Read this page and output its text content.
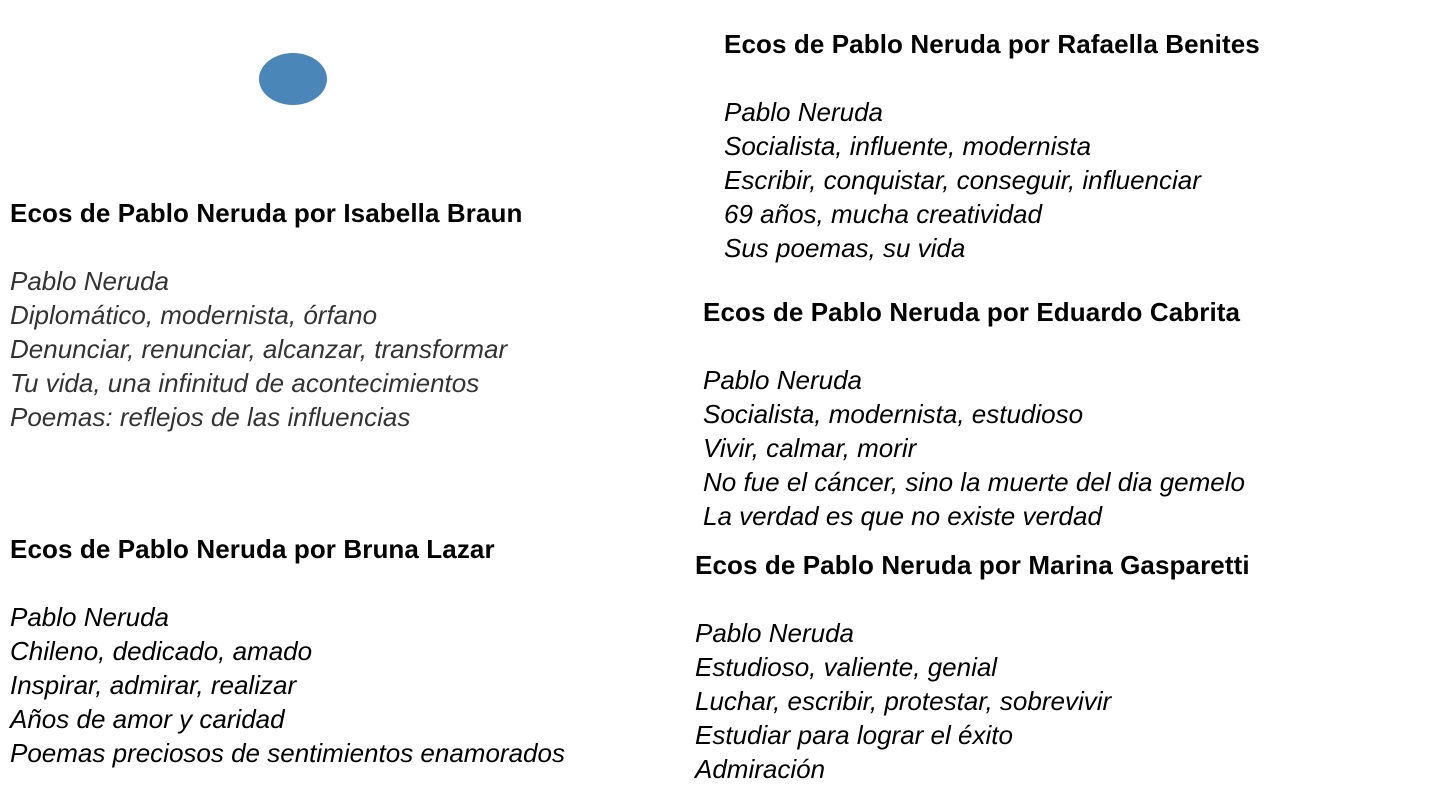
Ecos de Pablo Neruda por Isabella Braun
Pablo Neruda
Diplomático, modernista, órfano
Denunciar, renunciar, alcanzar, transformar
Tu vida, una infinitud de acontecimientos
Poemas: reflejos de las influencias
Ecos de Pablo Neruda por Bruna Lazar
Pablo Neruda
Chileno, dedicado, amado
Inspirar, admirar, realizar
Años de amor y caridad
Poemas preciosos de sentimientos enamorados
Ecos de Pablo Neruda por Rafaella Benites
Pablo Neruda
Socialista, influente, modernista
Escribir, conquistar, conseguir, influenciar
69 años, mucha creatividad
Sus poemas, su vida
Ecos de Pablo Neruda por Eduardo Cabrita
Pablo Neruda
Socialista, modernista, estudioso
Vivir, calmar, morir
No fue el cáncer, sino la muerte del dia gemelo
La verdad es que no existe verdad
Ecos de Pablo Neruda por Marina Gasparetti
Pablo Neruda
Estudioso, valiente, genial
Luchar, escribir, protestar, sobrevivir
Estudiar para lograr el éxito
Admiración
